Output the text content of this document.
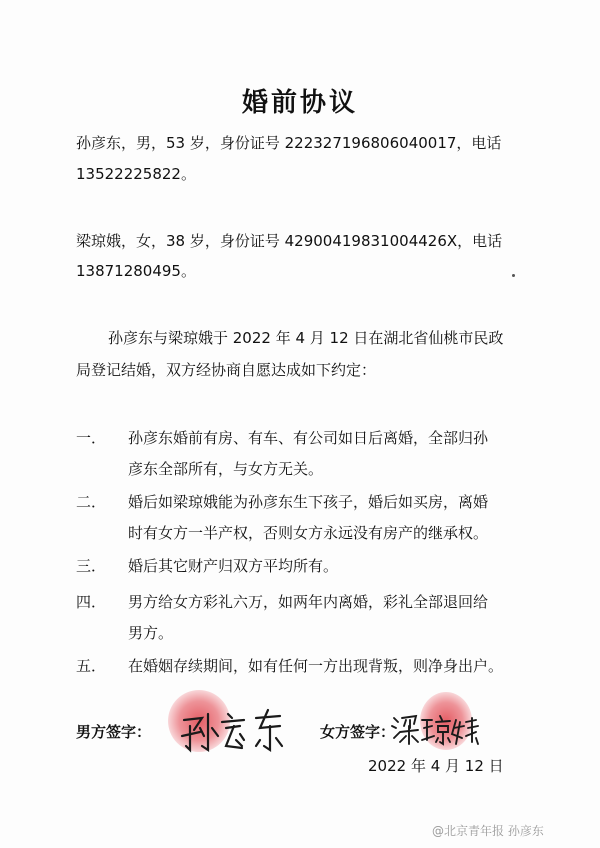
婚前协议
孙彦东，男，53 岁，身份证号 222327196806040017，电话
13522225822。
梁琼娥，女，38 岁，身份证号 42900419831004426X，电话
13871280495。
孙彦东与梁琼娥于 2022 年 4 月 12 日在湖北省仙桃市民政
局登记结婚，双方经协商自愿达成如下约定：
一． 孙彦东婚前有房、有车、有公司如日后离婚，全部归孙
彦东全部所有，与女方无关。
二． 婚后如梁琼娥能为孙彦东生下孩子，婚后如买房，离婚
时有女方一半产权，否则女方永远没有房产的继承权。
三． 婚后其它财产归双方平均所有。
四． 男方给女方彩礼六万，如两年内离婚，彩礼全部退回给
男方。
五． 在婚姻存续期间，如有任何一方出现背叛，则净身出户。
男方签字：	女方签字：
2022 年 4 月 12 日
@北京青年报 孙彦东
